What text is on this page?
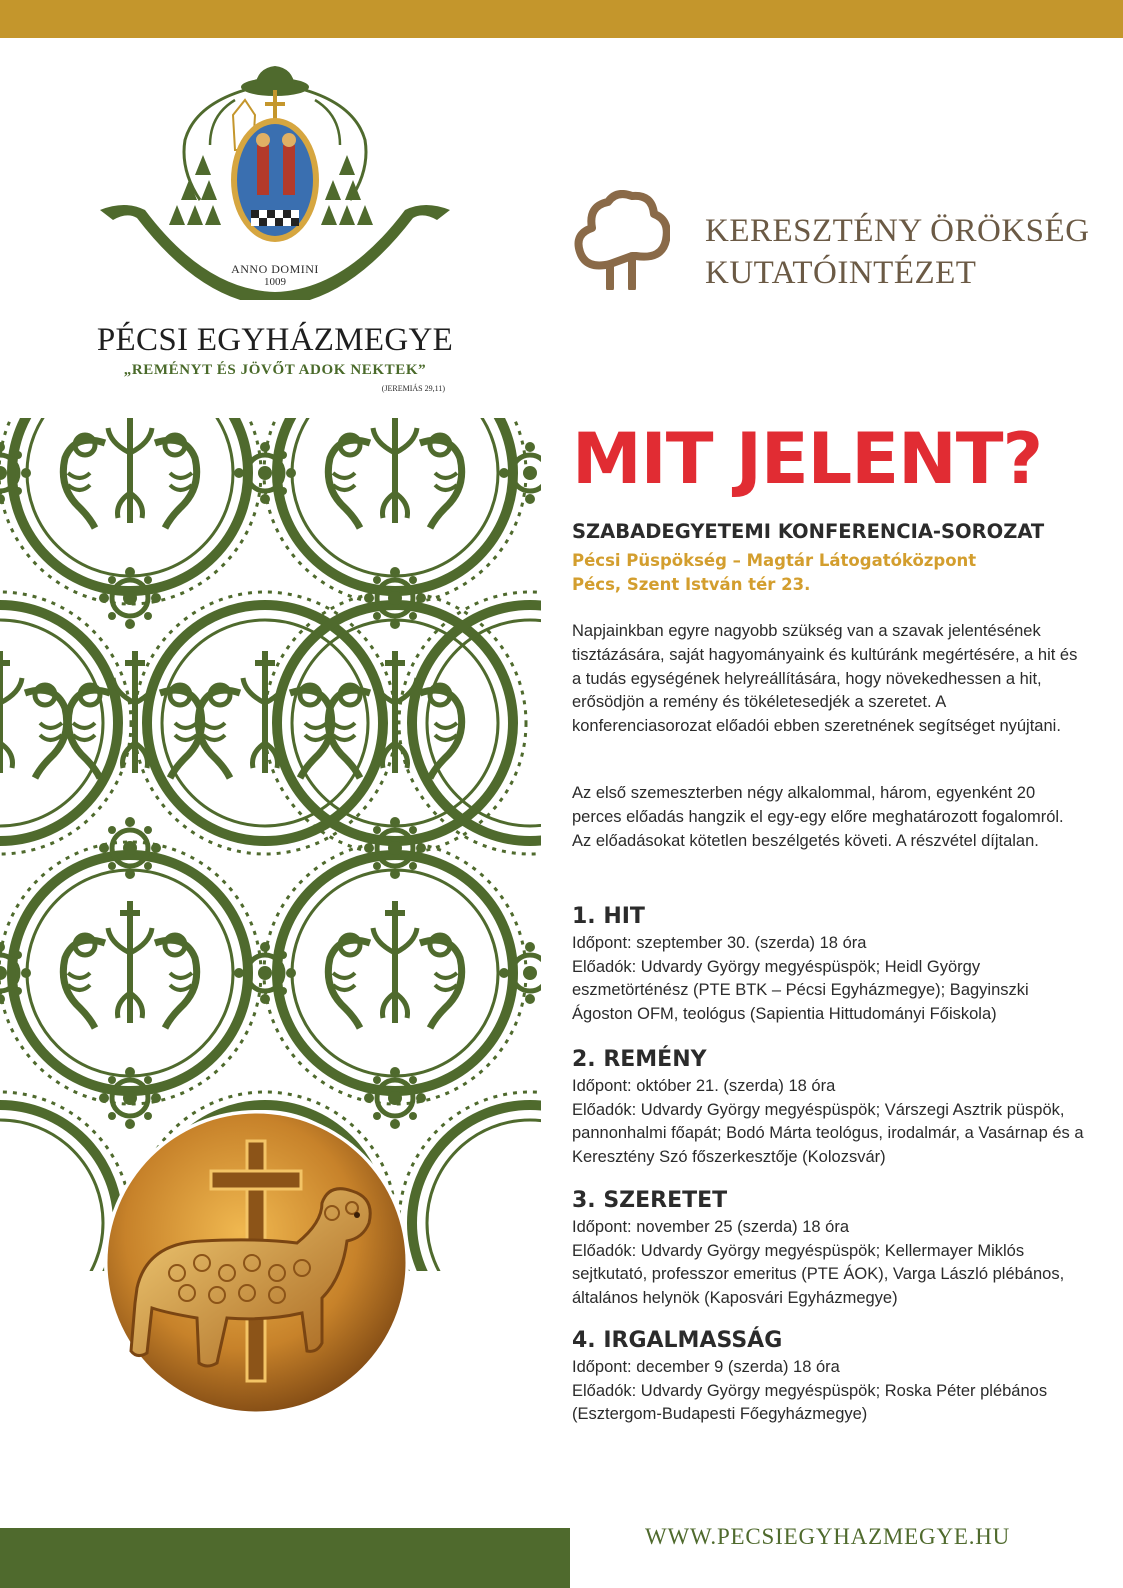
ANNO DOMINI
1009
PÉCSI EGYHÁZMEGYE
„REMÉNYT ÉS JÖVŐT ADOK NEKTEK”
(JEREMIÁS 29,11)
KERESZTÉNY ÖRÖKSÉG
KUTATÓINTÉZET
MIT JELENT?
SZABADEGYETEMI KONFERENCIA-SOROZAT
Pécsi Püspökség – Magtár Látogatóközpont
Pécs, Szent István tér 23.

Napjainkban egyre nagyobb szükség van a szavak jelentésének tisztázására, saját hagyományaink és kultúránk megértésére, a hit és a tudás egységének helyreállítására, hogy növekedhessen a hit, erősödjön a remény és tökéletesedjék a szeretet. A konferenciasorozat előadói ebben szeretnének segítséget nyújtani.

Az első szemeszterben négy alkalommal, három, egyenként 20 perces előadás hangzik el egy-egy előre meghatározott fogalomról. Az előadásokat kötetlen beszélgetés követi. A részvétel díjtalan.

1. HIT

Időpont: szeptember 30. (szerda) 18 óra

Előadók: Udvardy György megyéspüspök; Heidl György eszmetörténész (PTE BTK – Pécsi Egyházmegye); Bagyinszki Ágoston OFM, teológus (Sapientia Hittudományi Főiskola)

2. REMÉNY

Időpont: október 21. (szerda) 18 óra

Előadók: Udvardy György megyéspüspök; Várszegi Asztrik püspök, pannonhalmi főapát; Bodó Márta teológus, irodalmár, a Vasárnap és a Keresztény Szó főszerkesztője (Kolozsvár)

3. SZERETET

Időpont: november 25 (szerda) 18 óra

Előadók: Udvardy György megyéspüspök; Kellermayer Miklós sejtkutató, professzor emeritus (PTE ÁOK), Varga László plébános, általános helynök (Kaposvári Egyházmegye)

4. IRGALMASSÁG

Időpont: december 9 (szerda) 18 óra

Előadók: Udvardy György megyéspüspök; Roska Péter plébános (Esztergom-Budapesti Főegyházmegye)

WWW.PECSIEGYHAZMEGYE.HU
